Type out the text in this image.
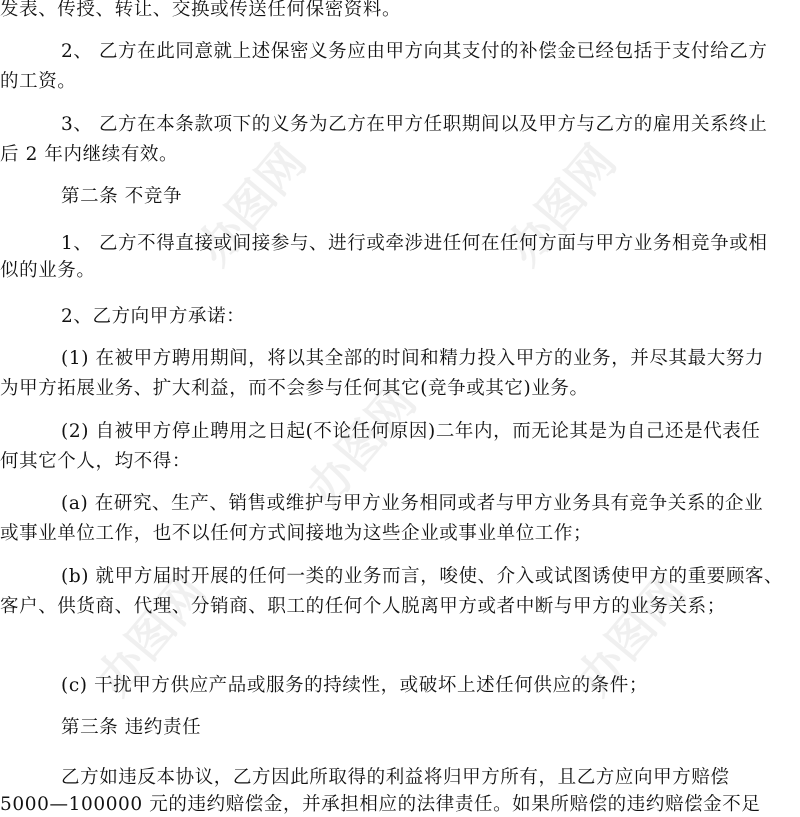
办图网	办图网
办图网
办图网	办图网
发表、传授、转让、交换或传送任何保密资料。
2、 乙方在此同意就上述保密义务应由甲方向其支付的补偿金已经包括于支付给乙方
的工资。
3、 乙方在本条款项下的义务为乙方在甲方任职期间以及甲方与乙方的雇用关系终止
后 2 年内继续有效。
第二条 不竞争
1、 乙方不得直接或间接参与、进行或牵涉进任何在任何方面与甲方业务相竞争或相
似的业务。
2、乙方向甲方承诺：
(1) 在被甲方聘用期间，将以其全部的时间和精力投入甲方的业务，并尽其最大努力
为甲方拓展业务、扩大利益，而不会参与任何其它(竞争或其它)业务。
(2) 自被甲方停止聘用之日起(不论任何原因)二年内，而无论其是为自己还是代表任
何其它个人，均不得：
(a) 在研究、生产、销售或维护与甲方业务相同或者与甲方业务具有竞争关系的企业
或事业单位工作，也不以任何方式间接地为这些企业或事业单位工作；
(b) 就甲方届时开展的任何一类的业务而言，唆使、介入或试图诱使甲方的重要顾客、
客户、供货商、代理、分销商、职工的任何个人脱离甲方或者中断与甲方的业务关系；
(c) 干扰甲方供应产品或服务的持续性，或破坏上述任何供应的条件；
第三条 违约责任
乙方如违反本协议，乙方因此所取得的利益将归甲方所有，且乙方应向甲方赔偿
5000—100000 元的违约赔偿金，并承担相应的法律责任。如果所赔偿的违约赔偿金不足
